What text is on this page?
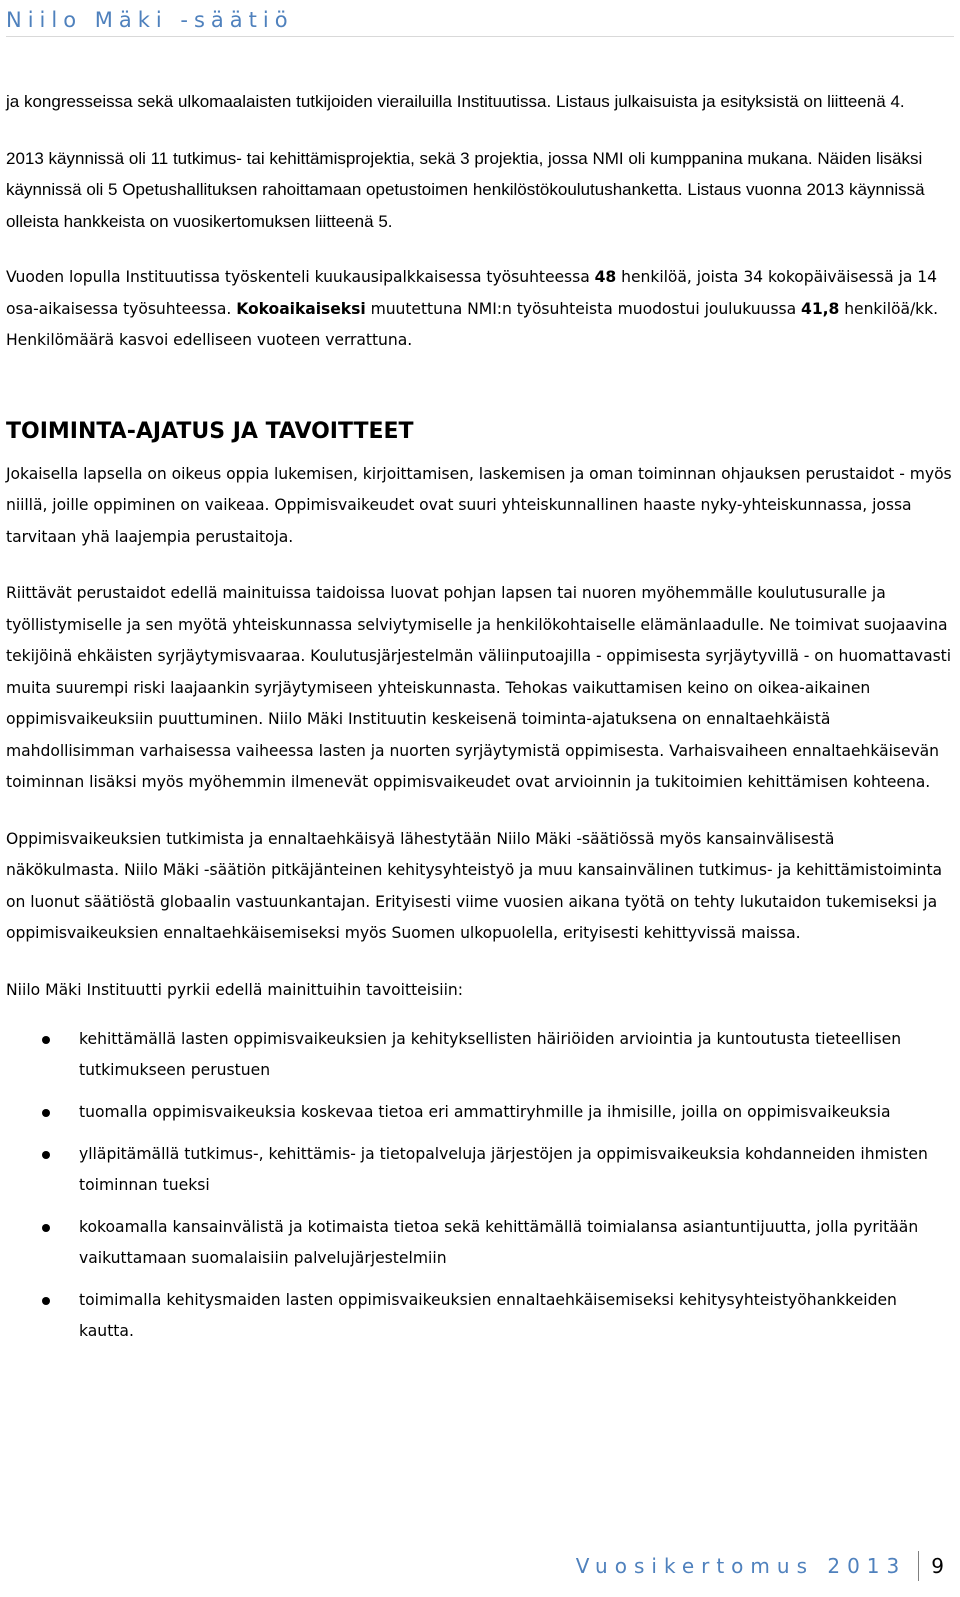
Niilo Mäki -säätiö

ja kongresseissa sekä ulkomaalaisten tutkijoiden vierailuilla Instituutissa. Listaus julkaisuista ja esityksistä on liitteenä 4.

2013 käynnissä oli 11 tutkimus- tai kehittämisprojektia, sekä 3 projektia, jossa NMI oli kumppanina mukana. Näiden lisäksi käynnissä oli 5 Opetushallituksen rahoittamaan opetustoimen henkilöstökoulutushanketta. Listaus vuonna 2013 käynnissä olleista hankkeista on vuosikertomuksen liitteenä 5.

Vuoden lopulla Instituutissa työskenteli kuukausipalkkaisessa työsuhteessa 48 henkilöä, joista 34 kokopäiväisessä ja 14 osa-aikaisessa työsuhteessa. Kokoaikaiseksi muutettuna NMI:n työsuhteista muodostui joulukuussa 41,8 henkilöä/kk. Henkilömäärä kasvoi edelliseen vuoteen verrattuna.

TOIMINTA-AJATUS JA TAVOITTEET

Jokaisella lapsella on oikeus oppia lukemisen, kirjoittamisen, laskemisen ja oman toiminnan ohjauksen perustaidot - myös niillä, joille oppiminen on vaikeaa. Oppimisvaikeudet ovat suuri yhteiskunnallinen haaste nyky-yhteiskunnassa, jossa tarvitaan yhä laajempia perustaitoja.

Riittävät perustaidot edellä mainituissa taidoissa luovat pohjan lapsen tai nuoren myöhemmälle koulutusuralle ja työllistymiselle ja sen myötä yhteiskunnassa selviytymiselle ja henkilökohtaiselle elämänlaadulle. Ne toimivat suojaavina tekijöinä ehkäisten syrjäytymisvaaraa. Koulutusjärjestelmän väliinputoajilla - oppimisesta syrjäytyvillä - on huomattavasti muita suurempi riski laajaankin syrjäytymiseen yhteiskunnasta. Tehokas vaikuttamisen keino on oikea-aikainen oppimisvaikeuksiin puuttuminen. Niilo Mäki Instituutin keskeisenä toiminta-ajatuksena on ennaltaehkäistä mahdollisimman varhaisessa vaiheessa lasten ja nuorten syrjäytymistä oppimisesta. Varhaisvaiheen ennaltaehkäisevän toiminnan lisäksi myös myöhemmin ilmenevät oppimisvaikeudet ovat arvioinnin ja tukitoimien kehittämisen kohteena.

Oppimisvaikeuksien tutkimista ja ennaltaehkäisyä lähestytään Niilo Mäki -säätiössä myös kansainvälisestä näkökulmasta. Niilo Mäki -säätiön pitkäjänteinen kehitysyhteistyö ja muu kansainvälinen tutkimus- ja kehittämistoiminta on luonut säätiöstä globaalin vastuunkantajan. Erityisesti viime vuosien aikana työtä on tehty lukutaidon tukemiseksi ja oppimisvaikeuksien ennaltaehkäisemiseksi myös Suomen ulkopuolella, erityisesti kehittyvissä maissa.

Niilo Mäki Instituutti pyrkii edellä mainittuihin tavoitteisiin:
kehittämällä lasten oppimisvaikeuksien ja kehityksellisten häiriöiden arviointia ja kuntoutusta tieteellisen tutkimukseen perustuen
tuomalla oppimisvaikeuksia koskevaa tietoa eri ammattiryhmille ja ihmisille, joilla on oppimisvaikeuksia
ylläpitämällä tutkimus-, kehittämis- ja tietopalveluja järjestöjen ja oppimisvaikeuksia kohdanneiden ihmisten toiminnan tueksi
kokoamalla kansainvälistä ja kotimaista tietoa sekä kehittämällä toimialansa asiantuntijuutta, jolla pyritään vaikuttamaan suomalaisiin palvelujärjestelmiin
toimimalla kehitysmaiden lasten oppimisvaikeuksien ennaltaehkäisemiseksi kehitysyhteistyöhankkeiden kautta.
Vuosikertomus 2013 9
